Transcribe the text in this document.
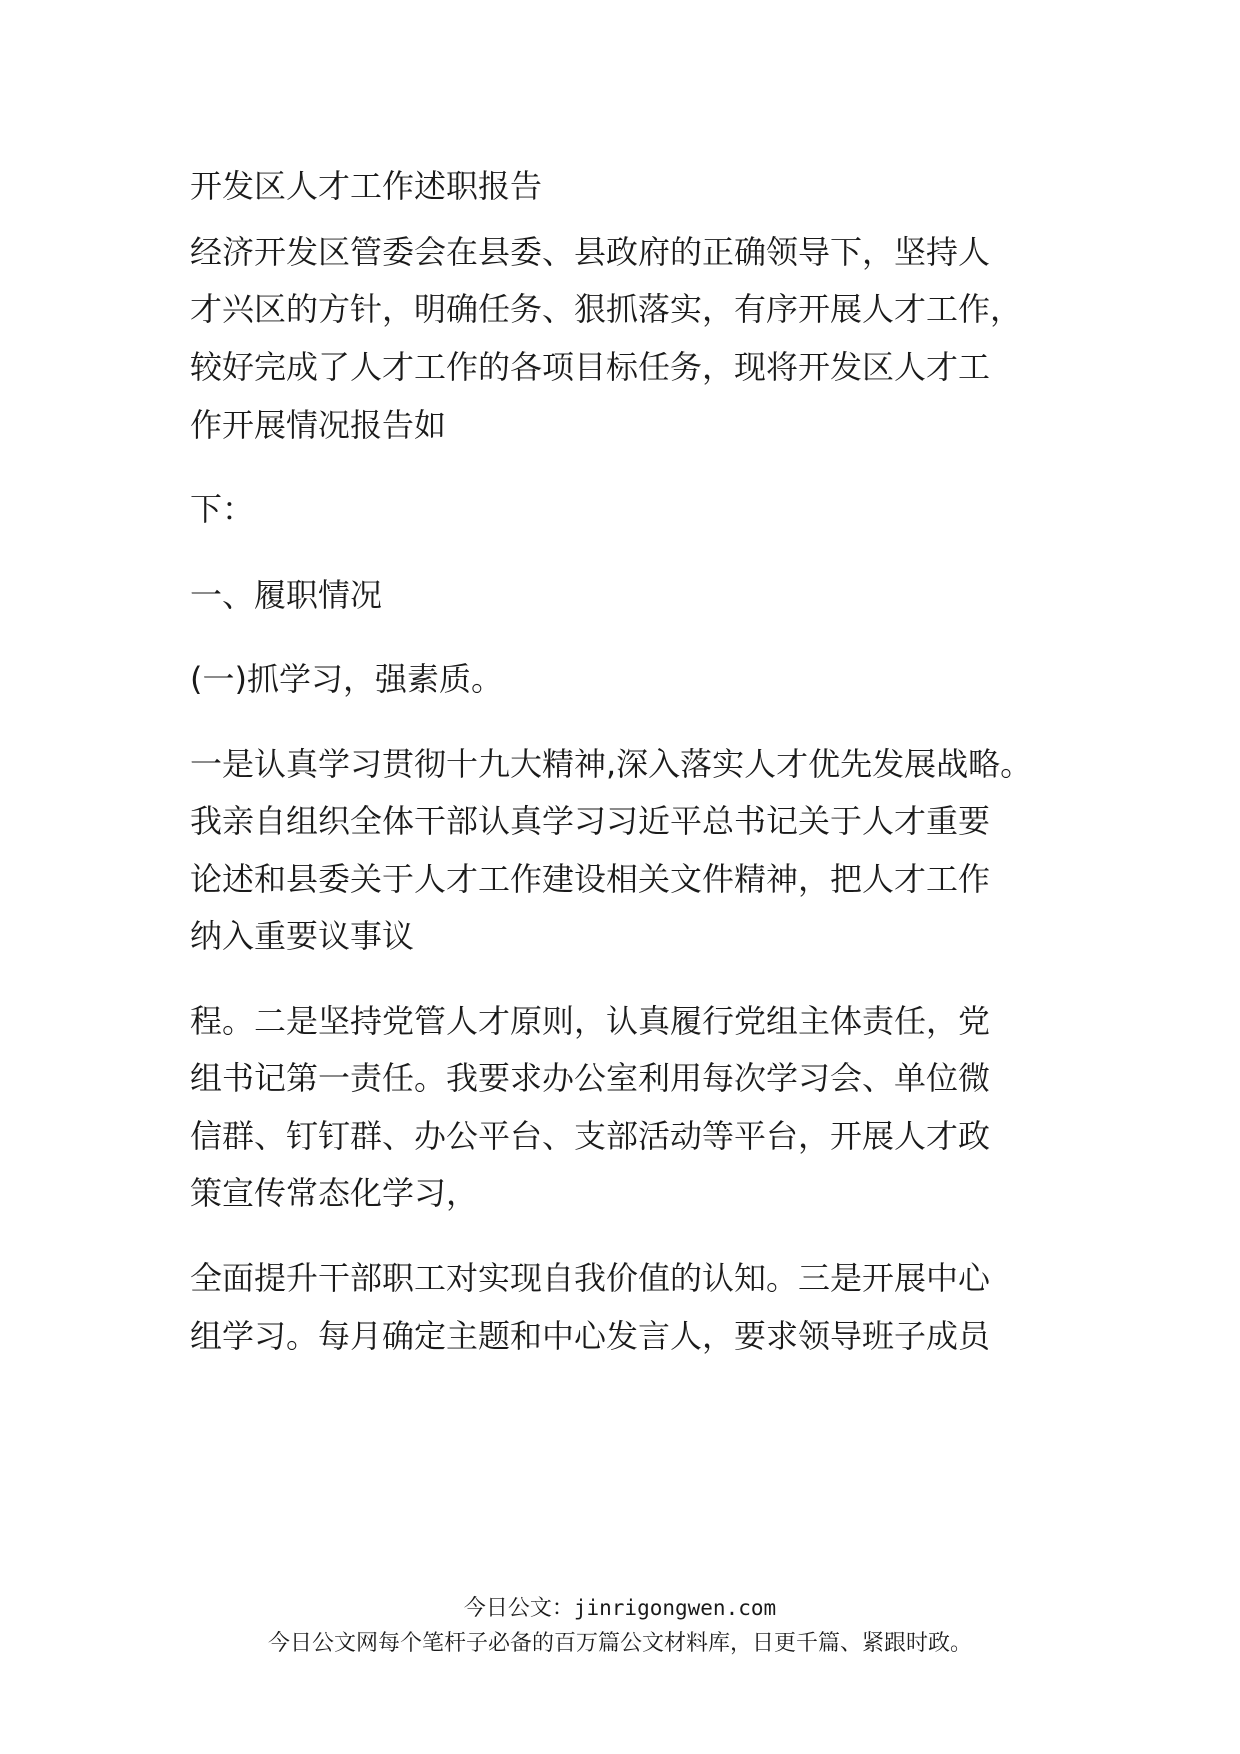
开发区人才工作述职报告
经济开发区管委会在县委、县政府的正确领导下，坚持人
才兴区的方针，明确任务、狠抓落实，有序开展人才工作，
较好完成了人才工作的各项目标任务，现将开发区人才工
作开展情况报告如
下：
一、履职情况
(一)抓学习，强素质。
一是认真学习贯彻十九大精神,深入落实人才优先发展战略。
我亲自组织全体干部认真学习习近平总书记关于人才重要
论述和县委关于人才工作建设相关文件精神，把人才工作
纳入重要议事议
程。二是坚持党管人才原则，认真履行党组主体责任，党
组书记第一责任。我要求办公室利用每次学习会、单位微
信群、钉钉群、办公平台、支部活动等平台，开展人才政
策宣传常态化学习，
全面提升干部职工对实现自我价值的认知。三是开展中心
组学习。每月确定主题和中心发言人，要求领导班子成员
今日公文：jinrigongwen.com
今日公文网每个笔杆子必备的百万篇公文材料库，日更千篇、紧跟时政。
